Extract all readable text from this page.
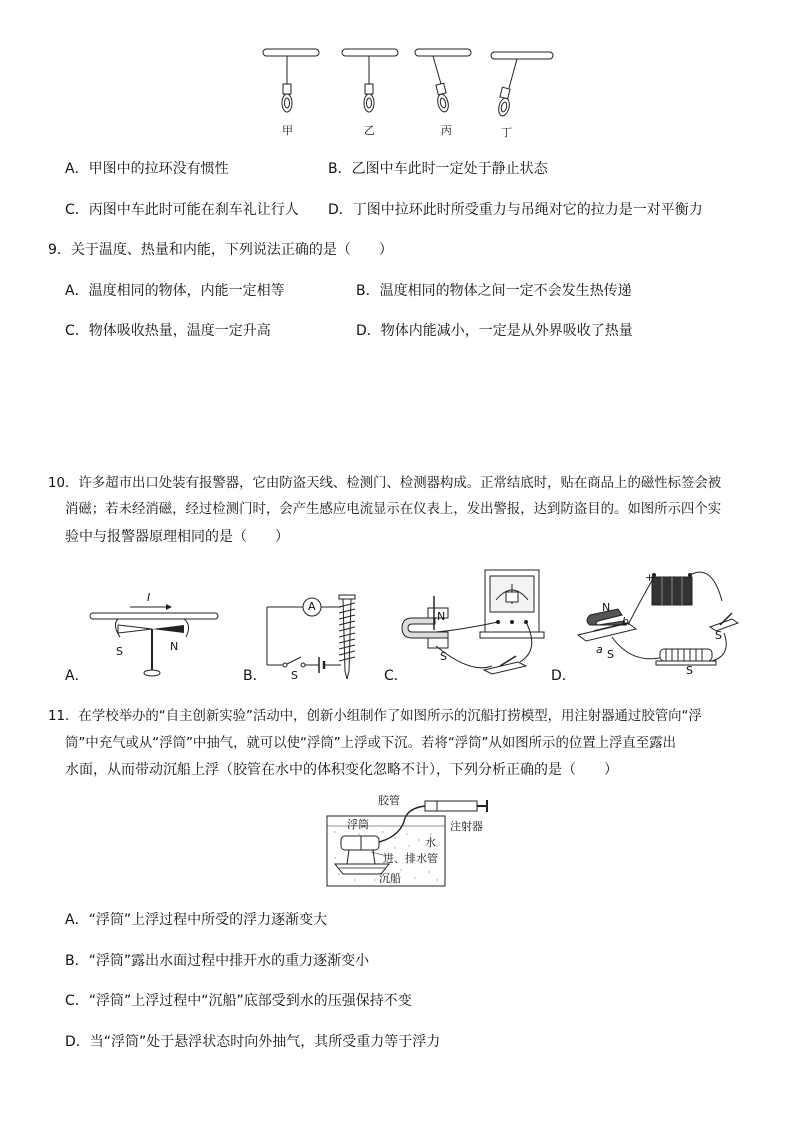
甲	乙	丙	丁
A．甲图中的拉环没有惯性	B．乙图中车此时一定处于静止状态
C．丙图中车此时可能在刹车礼让行人 D．丁图中拉环此时所受重力与吊绳对它的拉力是一对平衡力
9．关于温度、热量和内能，下列说法正确的是（　　）
A．温度相同的物体，内能一定相等	B．温度相同的物体之间一定不会发生热传递
C．物体吸收热量，温度一定升高	D．物体内能减小，一定是从外界吸收了热量
10．许多超市出口处装有报警器，它由防盗天线、检测门、检测器构成。正常结底时，贴在商品上的磁性标签会被
消磁；若未经消磁，经过检测门时，会产生感应电流显示在仪表上，发出警报，达到防盗目的。如图所示四个实
验中与报警器原理相同的是（　　）
I
S	N
A．
A
S
B．
N
S
C．
+
N
S
a
b
S
S
D．
11．在学校举办的“自主创新实验”活动中，创新小组制作了如图所示的沉船打捞模型，用注射器通过胶管向“浮
筒”中充气或从“浮筒”中抽气，就可以使“浮筒”上浮或下沉。若将“浮筒”从如图所示的位置上浮直至露出
水面，从而带动沉船上浮（胶管在水中的体积变化忽略不计），下列分析正确的是（　　）
胶管
浮筒	注射器
水
进、排水管
沉船
A．“浮筒”上浮过程中所受的浮力逐渐变大
B．“浮筒”露出水面过程中排开水的重力逐渐变小
C．“浮筒”上浮过程中“沉船”底部受到水的压强保持不变
D．当“浮筒”处于悬浮状态时向外抽气，其所受重力等于浮力
